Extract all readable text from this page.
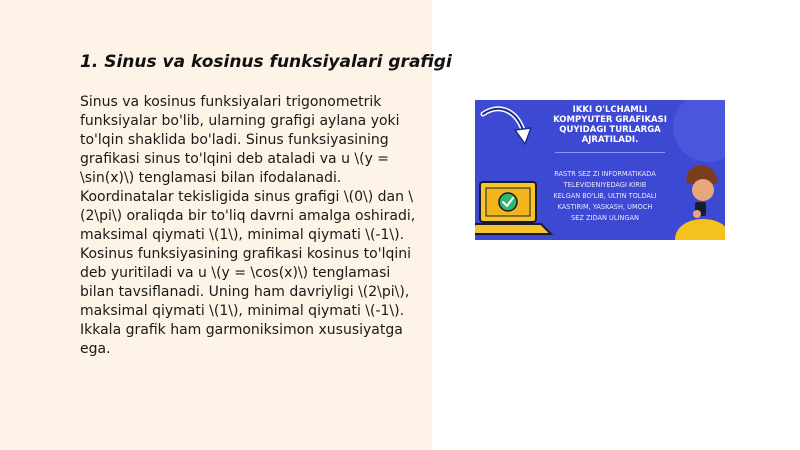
1. Sinus va kosinus funksiyalari grafigi

Sinus va kosinus funksiyalari trigonometrik funksiyalar bo'lib, ularning grafigi aylana yoki to'lqin shaklida bo'ladi. Sinus funksiyasining grafikasi sinus to'lqini deb ataladi va u \(y = \sin(x)\) tenglamasi bilan ifodalanadi. Koordinatalar tekisligida sinus grafigi \(0\) dan \(2\pi\) oraliqda bir to'liq davrni amalga oshiradi, maksimal qiymati \(1\), minimal qiymati \(-1\). Kosinus funksiyasining grafikasi kosinus to'lqini deb yuritiladi va u \(y = \cos(x)\) tenglamasi bilan tavsiflanadi. Uning ham davriyligi \(2\pi\), maksimal qiymati \(1\), minimal qiymati \(-1\). Ikkala grafik ham garmoniksimon xususiyatga ega.

IKKI O'LCHAMLI
KOMPYUTER GRAFIKASI
QUYIDAGI TURLARGA
AJRATILADI.
RASTR SEZ ZI INFORMATIKADA
TELEVIDENIYEDAGI KIRIB
KELGAN BO'LIB, ULTIN TOLDALI
KASTIRIM, YASKASH, UMOCH
SEZ ZIDAN ULINGAN
